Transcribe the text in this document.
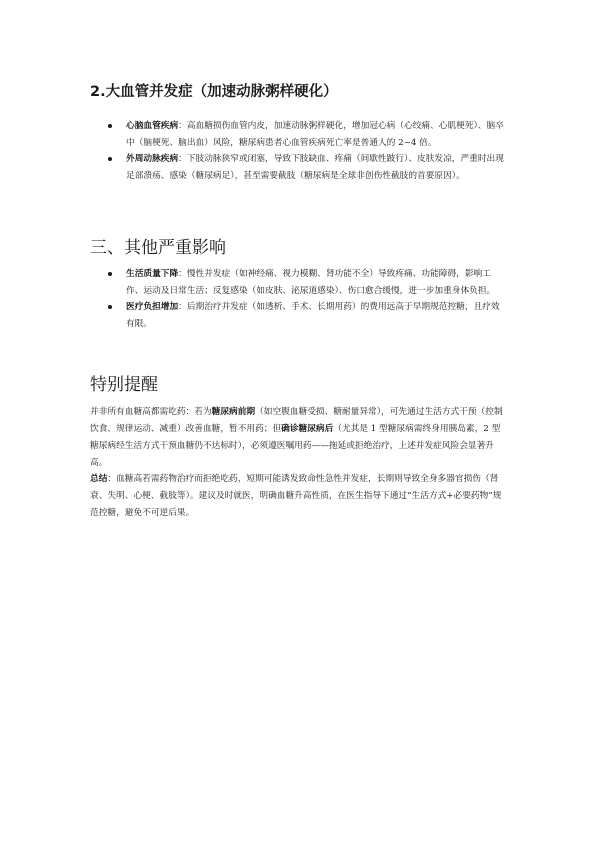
2.大血管并发症（加速动脉粥样硬化）
心脑血管疾病：高血糖损伤血管内皮，加速动脉粥样硬化，增加冠心病（心绞痛、心肌梗死）、脑卒中（脑梗死、脑出血）风险，糖尿病患者心血管疾病死亡率是普通人的 2~4 倍。
外周动脉疾病：下肢动脉狭窄或闭塞，导致下肢缺血、疼痛（间歇性跛行）、皮肤发凉，严重时出现足部溃疡、感染（糖尿病足），甚至需要截肢（糖尿病是全球非创伤性截肢的首要原因）。
三、其他严重影响
生活质量下降：慢性并发症（如神经痛、视力模糊、肾功能不全）导致疼痛、功能障碍，影响工作、运动及日常生活；反复感染（如皮肤、泌尿道感染）、伤口愈合缓慢，进一步加重身体负担。
医疗负担增加：后期治疗并发症（如透析、手术、长期用药）的费用远高于早期规范控糖，且疗效有限。
特别提醒

并非所有血糖高都需吃药：若为糖尿病前期（如空腹血糖受损、糖耐量异常），可先通过生活方式干预（控制饮食、规律运动、减重）改善血糖，暂不用药；但确诊糖尿病后（尤其是 1 型糖尿病需终身用胰岛素，2 型糖尿病经生活方式干预血糖仍不达标时），必须遵医嘱用药——拖延或拒绝治疗，上述并发症风险会显著升高。

总结：血糖高若需药物治疗而拒绝吃药，短期可能诱发致命性急性并发症，长期则导致全身多器官损伤（肾衰、失明、心梗、截肢等）。建议及时就医，明确血糖升高性质，在医生指导下通过“生活方式+必要药物”规范控糖，避免不可逆后果。
